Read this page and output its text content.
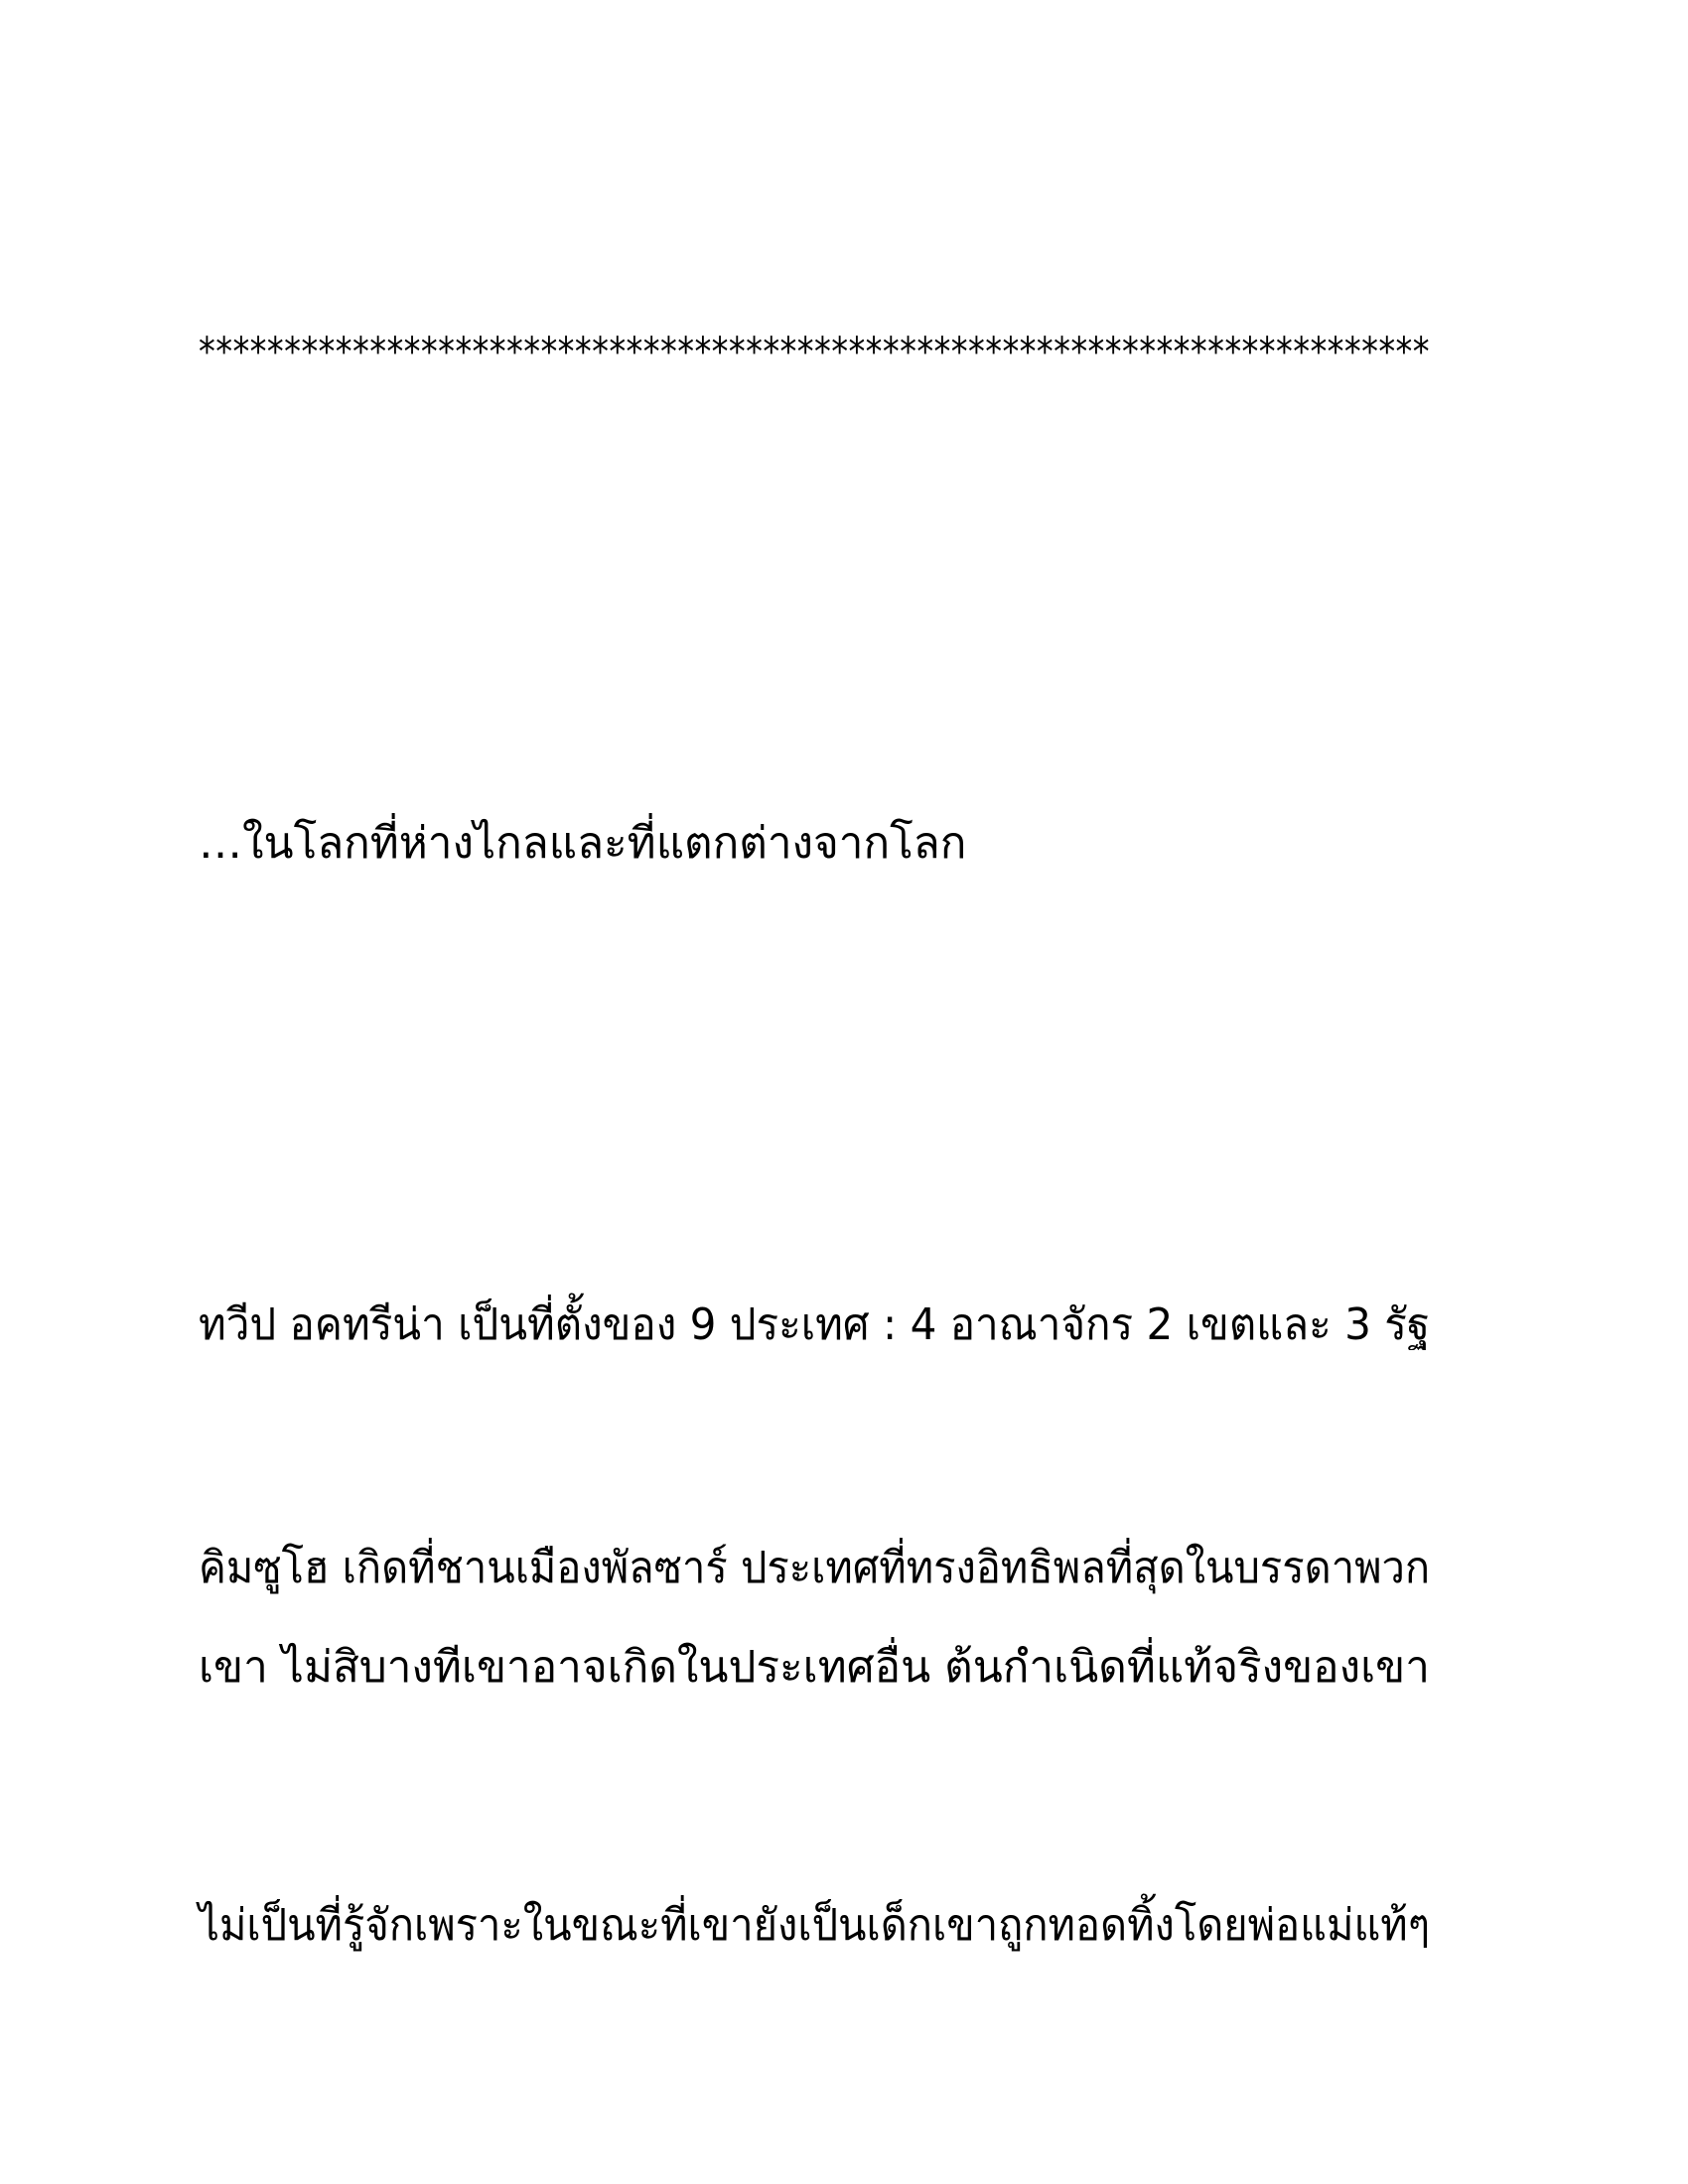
************************************************************************

…ในโลกที่ห่างไกลและที่แตกต่างจากโลก

ทวีป อคทรีน่า เป็นที่ตั้งของ 9 ประเทศ : 4 อาณาจักร 2 เขตและ 3 รัฐ

คิมซูโฮ เกิดที่ชานเมืองพัลซาร์ ประเทศที่ทรงอิทธิพลที่สุดในบรรดาพวก

เขา ไม่สิบางทีเขาอาจเกิดในประเทศอื่น ต้นกำเนิดที่แท้จริงของเขา

ไม่เป็นที่รู้จักเพราะในขณะที่เขายังเป็นเด็กเขาถูกทอดทิ้งโดยพ่อแม่แท้ๆ
